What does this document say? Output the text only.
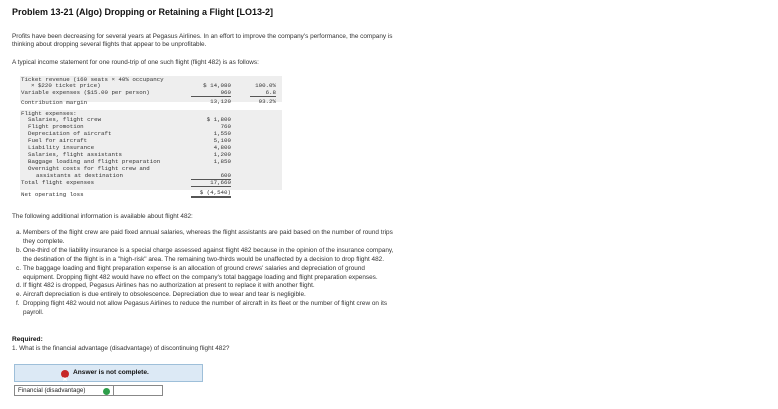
Problem 13-21 (Algo) Dropping or Retaining a Flight [LO13-2]
Profits have been decreasing for several years at Pegasus Airlines. In an effort to improve the company's performance, the company is
thinking about dropping several flights that appear to be unprofitable.
A typical income statement for one round-trip of one such flight (flight 482) is as follows:
Ticket revenue (160 seats × 40% occupancy
× $220 ticket price)	$ 14,080	100.0%
Variable expenses ($15.00 per person)	960	6.8
Contribution margin	13,120	93.2%
Flight expenses:
Salaries, flight crew	$ 1,800
Flight promotion	760
Depreciation of aircraft	1,550
Fuel for aircraft	5,100
Liability insurance	4,800
Salaries, flight assistants	1,200
Baggage loading and flight preparation	1,850
Overnight costs for flight crew and
assistants at destination	600
Total flight expenses	17,660
Net operating loss	$ (4,540)
The following additional information is available about flight 482:
a. Members of the flight crew are paid fixed annual salaries, whereas the flight assistants are paid based on the number of round trips
they complete.
b. One-third of the liability insurance is a special charge assessed against flight 482 because in the opinion of the insurance company,
the destination of the flight is in a "high-risk" area. The remaining two-thirds would be unaffected by a decision to drop flight 482.
c. The baggage loading and flight preparation expense is an allocation of ground crews' salaries and depreciation of ground
equipment. Dropping flight 482 would have no effect on the company's total baggage loading and flight preparation expenses.
d. If flight 482 is dropped, Pegasus Airlines has no authorization at present to replace it with another flight.
e. Aircraft depreciation is due entirely to obsolescence. Depreciation due to wear and tear is negligible.
f. Dropping flight 482 would not allow Pegasus Airlines to reduce the number of aircraft in its fleet or the number of flight crew on its
payroll.
Required:
1. What is the financial advantage (disadvantage) of discontinuing flight 482?
Answer is not complete.
Financial (disadvantage)
